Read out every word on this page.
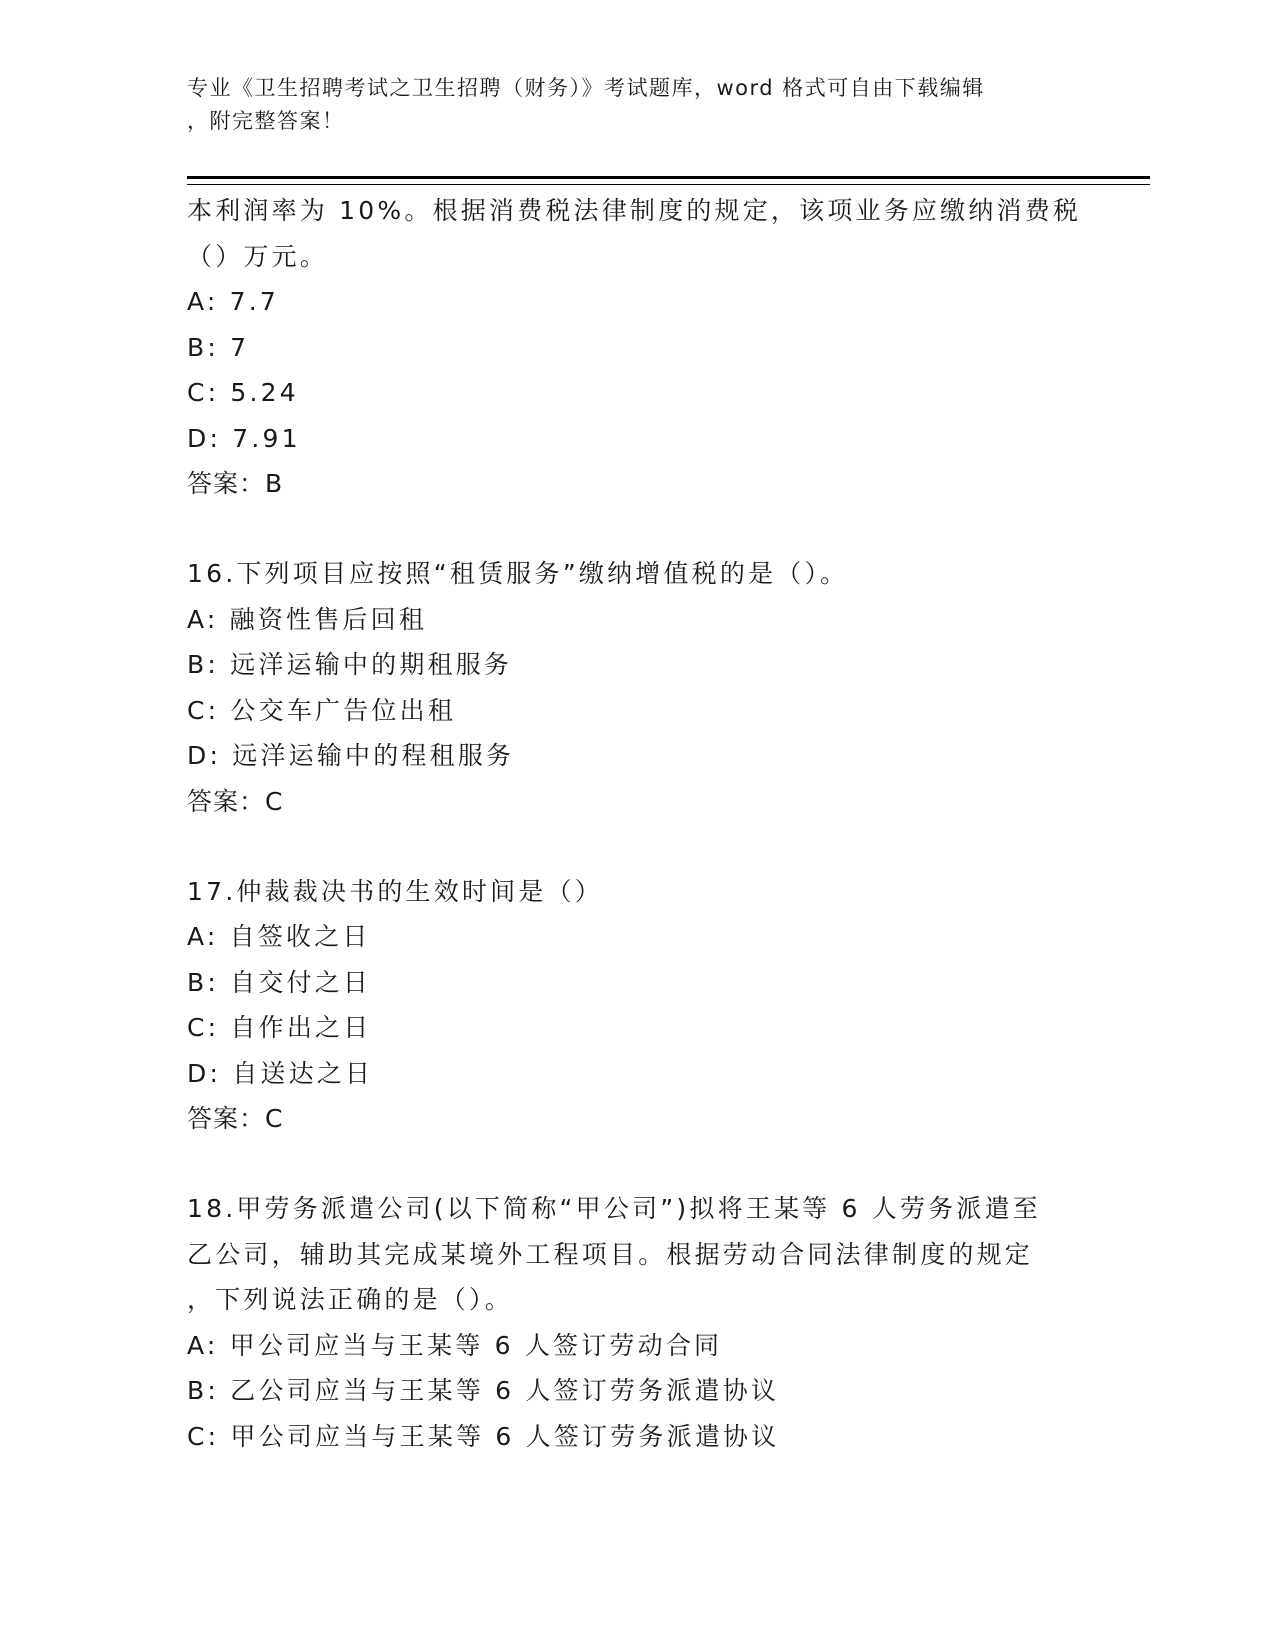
专业《卫生招聘考试之卫生招聘（财务）》考试题库，word 格式可自由下载编辑
，附完整答案！
本利润率为 10%。根据消费税法律制度的规定，该项业务应缴纳消费税
（）万元。
A: 7.7
B: 7
C: 5.24
D: 7.91
答案：B
16.下列项目应按照“租赁服务”缴纳增值税的是（）。
A: 融资性售后回租
B: 远洋运输中的期租服务
C: 公交车广告位出租
D: 远洋运输中的程租服务
答案：C
17.仲裁裁决书的生效时间是（）
A: 自签收之日
B: 自交付之日
C: 自作出之日
D: 自送达之日
答案：C
18.甲劳务派遣公司(以下简称“甲公司”)拟将王某等 6 人劳务派遣至
乙公司，辅助其完成某境外工程项目。根据劳动合同法律制度的规定
，下列说法正确的是（）。
A: 甲公司应当与王某等 6 人签订劳动合同
B: 乙公司应当与王某等 6 人签订劳务派遣协议
C: 甲公司应当与王某等 6 人签订劳务派遣协议
